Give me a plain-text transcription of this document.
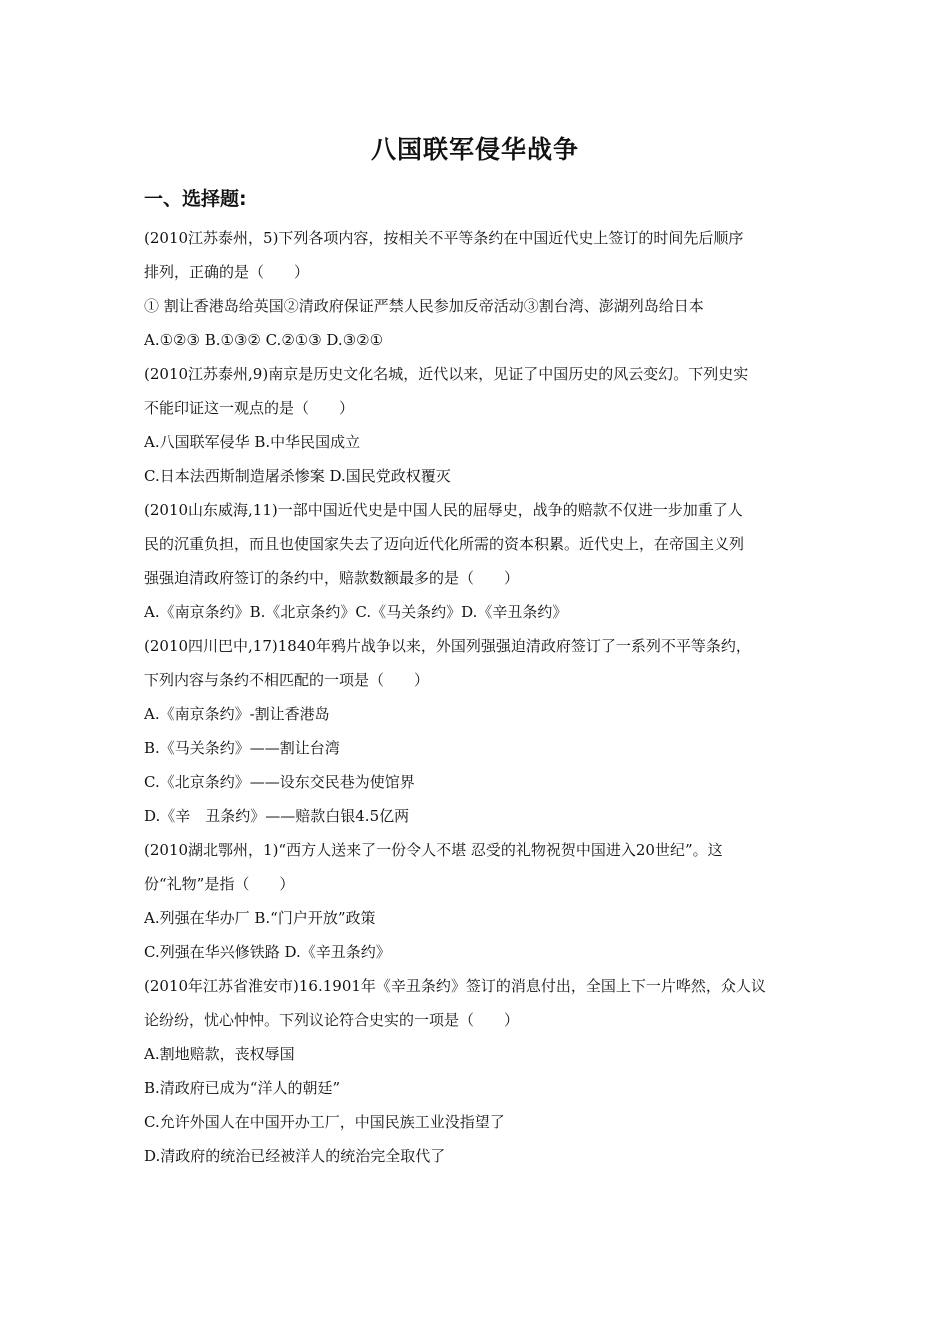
八国联军侵华战争
一、选择题:
(2010江苏泰州，5)下列各项内容，按相关不平等条约在中国近代史上签订的时间先后顺序
排列，正确的是（　　）
① 割让香港岛给英国②清政府保证严禁人民参加反帝活动③割台湾、澎湖列岛给日本
A.①②③ B.①③② C.②①③ D.③②①
(2010江苏泰州,9)南京是历史文化名城，近代以来，见证了中国历史的风云变幻。下列史实
不能印证这一观点的是（　　）
A.八国联军侵华 B.中华民国成立
C.日本法西斯制造屠杀惨案 D.国民党政权覆灭
(2010山东威海,11)一部中国近代史是中国人民的屈辱史，战争的赔款不仅进一步加重了人
民的沉重负担，而且也使国家失去了迈向近代化所需的资本积累。近代史上，在帝国主义列
强强迫清政府签订的条约中，赔款数额最多的是（　　）
A.《南京条约》B.《北京条约》C.《马关条约》D.《辛丑条约》
(2010四川巴中,17)1840年鸦片战争以来，外国列强强迫清政府签订了一系列不平等条约，
下列内容与条约不相匹配的一项是（　　）
A.《南京条约》-割让香港岛
B.《马关条约》——割让台湾
C.《北京条约》——设东交民巷为使馆界
D.《辛　丑条约》——赔款白银4.5亿两
(2010湖北鄂州，1)“西方人送来了一份令人不堪 忍受的礼物祝贺中国进入20世纪”。这
份“礼物”是指（　　）
A.列强在华办厂 B.“门户开放”政策
C.列强在华兴修铁路 D.《辛丑条约》
(2010年江苏省淮安市)16.1901年《辛丑条约》签订的消息付出，全国上下一片哗然，众人议
论纷纷，忧心忡忡。下列议论符合史实的一项是（　　）
A.割地赔款，丧权辱国
B.清政府已成为“洋人的朝廷”
C.允许外国人在中国开办工厂，中国民族工业没指望了
D.清政府的统治已经被洋人的统治完全取代了
